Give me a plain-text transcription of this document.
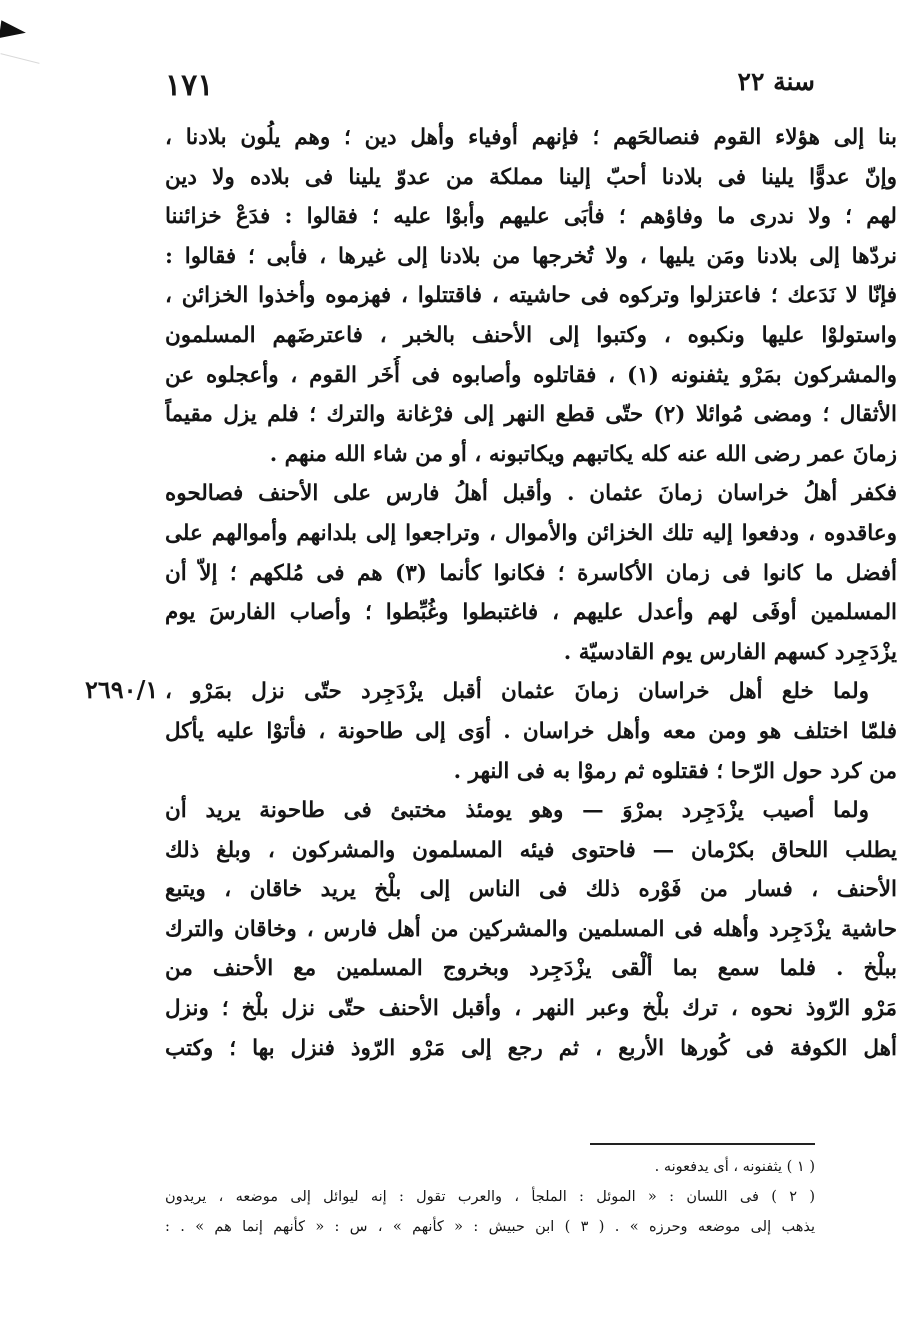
١٧١	سنة ٢٢
٢٦٩٠/١
بنا إلى هؤلاء القوم فنصالحَهم ؛ فإنهم أوفياء وأهل دين ؛ وهم يلُون بلادنا ،
وإنّ عدوًّا يلينا فى بلادنا أحبّ إلينا مملكة من عدوّ يلينا فى بلاده ولا دين
لهم ؛ ولا ندرى ما وفاؤهم ؛ فأبَى عليهم وأبوْا عليه ؛ فقالوا : فدَعْ خزائننا
نردّها إلى بلادنا ومَن يليها ، ولا تُخرجها من بلادنا إلى غيرها ، فأبى ؛ فقالوا :
فإنّا لا نَدَعك ؛ فاعتزلوا وتركوه فى حاشيته ، فاقتتلوا ، فهزموه وأخذوا الخزائن ،
واستولوْا عليها ونكبوه ، وكتبوا إلى الأحنف بالخبر ، فاعترضَهم المسلمون
والمشركون بمَرْو يثفنونه (١) ، فقاتلوه وأصابوه فى أُخَر القوم ، وأعجلوه عن
الأثقال ؛ ومضى مُوائلا (٢) حتّى قطع النهر إلى فرْغانة والترك ؛ فلم يزل مقيماً
زمانَ عمر رضى الله عنه كله يكاتبهم ويكاتبونه ، أو من شاء الله منهم .
فكفر أهلُ خراسان زمانَ عثمان . وأقبل أهلُ فارس على الأحنف فصالحوه
وعاقدوه ، ودفعوا إليه تلك الخزائن والأموال ، وتراجعوا إلى بلدانهم وأموالهم على
أفضل ما كانوا فى زمان الأكاسرة ؛ فكانوا كأنما (٣) هم فى مُلكهم ؛ إلاّ أن
المسلمين أوفَى لهم وأعدل عليهم ، فاغتبطوا وغُبِّطوا ؛ وأصاب الفارسَ يوم
يزْدَجِرد كسهم الفارس يوم القادسيّة .
ولما خلع أهل خراسان زمانَ عثمان أقبل يزْدَجِرد حتّى نزل بمَرْو ،
فلمّا اختلف هو ومن معه وأهل خراسان . أوَى إلى طاحونة ، فأتوْا عليه يأكل
من كرد حول الرّحا ؛ فقتلوه ثم رموْا به فى النهر .
ولما أصيب يزْدَجِرد بمرْوَ — وهو يومئذ مختبئ فى طاحونة يريد أن
يطلب اللحاق بكرْمان — فاحتوى فيئه المسلمون والمشركون ، وبلغ ذلك
الأحنف ، فسار من فَوْره ذلك فى الناس إلى بلْخ يريد خاقان ، ويتبع
حاشية يزْدَجِرد وأهله فى المسلمين والمشركين من أهل فارس ، وخاقان والترك
ببلْخ . فلما سمع بما ألْقى يزْدَجِرد وبخروج المسلمين مع الأحنف من
مَرْو الرّوذ نحوه ، ترك بلْخ وعبر النهر ، وأقبل الأحنف حتّى نزل بلْخ ؛ ونزل
أهل الكوفة فى كُورها الأربع ، ثم رجع إلى مَرْو الرّوذ فنزل بها ؛ وكتب
( ١ ) يثفنونه ، أى يدفعونه .
( ٢ ) فى اللسان : « الموئل : الملجأ ، والعرب تقول : إنه ليوائل إلى موضعه ، يريدون
يذهب إلى موضعه وحرزه » . ( ٣ ) ابن حبيش : « كأنهم » ، س : « كأنهم إنما هم » . :
